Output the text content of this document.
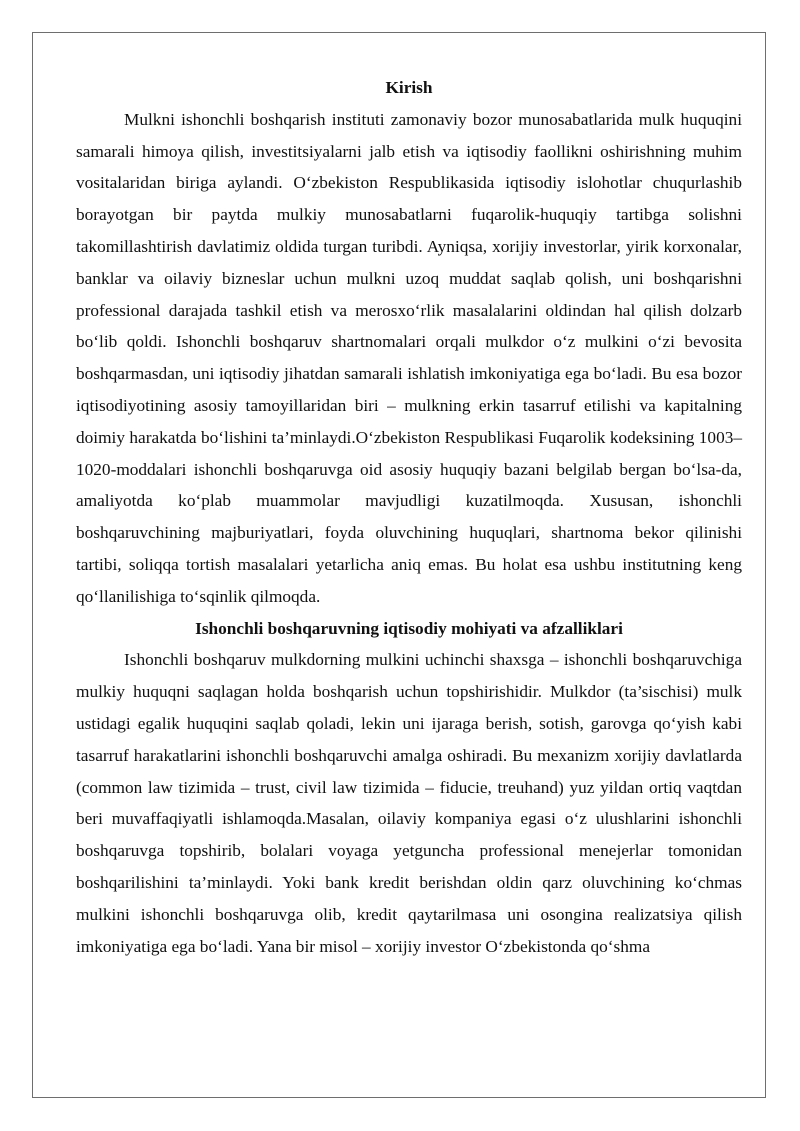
Kirish

Mulkni ishonchli boshqarish instituti zamonaviy bozor munosabatlarida mulk huquqini samarali himoya qilish, investitsiyalarni jalb etish va iqtisodiy faollikni oshirishning muhim vositalaridan biriga aylandi. O‘zbekiston Respublikasida iqtisodiy islohotlar chuqurlashib borayotgan bir paytda mulkiy munosabatlarni fuqarolik-huquqiy tartibga solishni takomillashtirish davlatimiz oldida turgan turibdi. Ayniqsa, xorijiy investorlar, yirik korxonalar, banklar va oilaviy bizneslar uchun mulkni uzoq muddat saqlab qolish, uni boshqarishni professional darajada tashkil etish va merosxo‘rlik masalalarini oldindan hal qilish dolzarb bo‘lib qoldi. Ishonchli boshqaruv shartnomalari orqali mulkdor o‘z mulkini o‘zi bevosita boshqarmasdan, uni iqtisodiy jihatdan samarali ishlatish imkoniyatiga ega bo‘ladi. Bu esa bozor iqtisodiyotining asosiy tamoyillaridan biri – mulkning erkin tasarruf etilishi va kapitalning doimiy harakatda bo‘lishini ta’minlaydi.O‘zbekiston Respublikasi Fuqarolik kodeksining 1003–1020-moddalari ishonchli boshqaruvga oid asosiy huquqiy bazani belgilab bergan bo‘lsa-da, amaliyotda ko‘plab muammolar mavjudligi kuzatilmoqda. Xususan, ishonchli boshqaruvchining majburiyatlari, foyda oluvchining huquqlari, shartnoma bekor qilinishi tartibi, soliqqa tortish masalalari yetarlicha aniq emas. Bu holat esa ushbu institutning keng qo‘llanilishiga to‘sqinlik qilmoqda.

Ishonchli boshqaruvning iqtisodiy mohiyati va afzalliklari

Ishonchli boshqaruv mulkdorning mulkini uchinchi shaxsga – ishonchli boshqaruvchiga mulkiy huquqni saqlagan holda boshqarish uchun topshirishidir. Mulkdor (ta’sischisi) mulk ustidagi egalik huquqini saqlab qoladi, lekin uni ijaraga berish, sotish, garovga qo‘yish kabi tasarruf harakatlarini ishonchli boshqaruvchi amalga oshiradi. Bu mexanizm xorijiy davlatlarda (common law tizimida – trust, civil law tizimida – fiducie, treuhand) yuz yildan ortiq vaqtdan beri muvaffaqiyatli ishlamoqda.Masalan, oilaviy kompaniya egasi o‘z ulushlarini ishonchli boshqaruvga topshirib, bolalari voyaga yetguncha professional menejerlar tomonidan boshqarilishini ta’minlaydi. Yoki bank kredit berishdan oldin qarz oluvchining ko‘chmas mulkini ishonchli boshqaruvga olib, kredit qaytarilmasa uni osongina realizatsiya qilish imkoniyatiga ega bo‘ladi. Yana bir misol – xorijiy investor O‘zbekistonda qo‘shma
